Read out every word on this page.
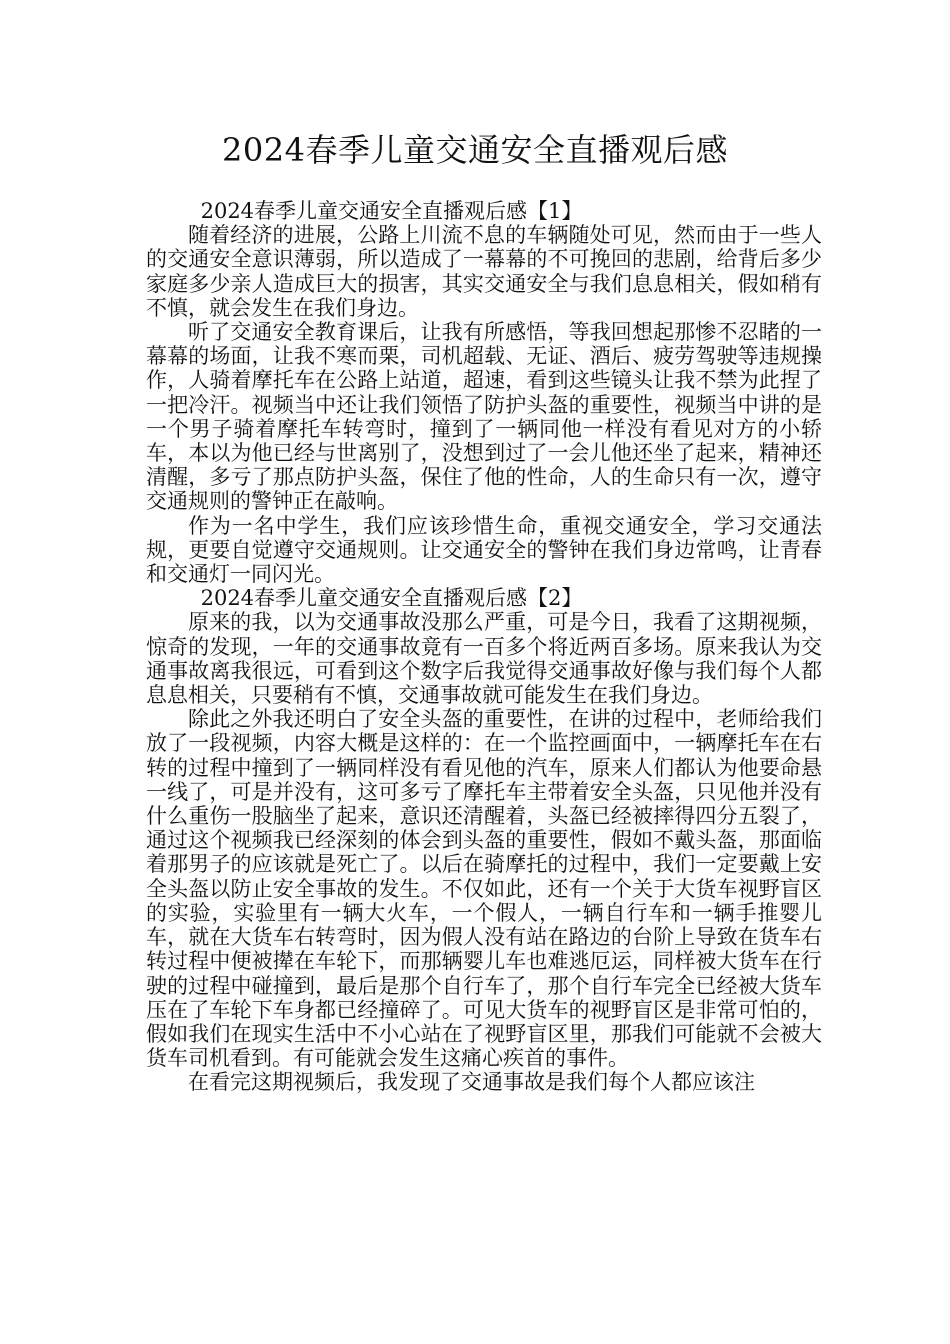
2024春季儿童交通安全直播观后感

2024春季儿童交通安全直播观后感【1】

随着经济的进展，公路上川流不息的车辆随处可见，然而由于一些人的交通安全意识薄弱，所以造成了一幕幕的不可挽回的悲剧，给背后多少家庭多少亲人造成巨大的损害，其实交通安全与我们息息相关，假如稍有不慎，就会发生在我们身边。

听了交通安全教育课后，让我有所感悟，等我回想起那惨不忍睹的一幕幕的场面，让我不寒而栗，司机超载、无证、酒后、疲劳驾驶等违规操作，人骑着摩托车在公路上站道，超速，看到这些镜头让我不禁为此捏了一把冷汗。视频当中还让我们领悟了防护头盔的重要性，视频当中讲的是一个男子骑着摩托车转弯时，撞到了一辆同他一样没有看见对方的小轿车，本以为他已经与世离别了，没想到过了一会儿他还坐了起来，精神还清醒，多亏了那点防护头盔，保住了他的性命，人的生命只有一次，遵守交通规则的警钟正在敲响。

作为一名中学生，我们应该珍惜生命，重视交通安全，学习交通法规，更要自觉遵守交通规则。让交通安全的警钟在我们身边常鸣，让青春和交通灯一同闪光。

2024春季儿童交通安全直播观后感【2】

原来的我，以为交通事故没那么严重，可是今日，我看了这期视频，惊奇的发现，一年的交通事故竟有一百多个将近两百多场。原来我认为交通事故离我很远，可看到这个数字后我觉得交通事故好像与我们每个人都息息相关，只要稍有不慎，交通事故就可能发生在我们身边。

除此之外我还明白了安全头盔的重要性，在讲的过程中，老师给我们放了一段视频，内容大概是这样的：在一个监控画面中，一辆摩托车在右转的过程中撞到了一辆同样没有看见他的汽车，原来人们都认为他要命悬一线了，可是并没有，这可多亏了摩托车主带着安全头盔，只见他并没有什么重伤一股脑坐了起来，意识还清醒着，头盔已经被摔得四分五裂了，通过这个视频我已经深刻的体会到头盔的重要性，假如不戴头盔，那面临着那男子的应该就是死亡了。以后在骑摩托的过程中，我们一定要戴上安全头盔以防止安全事故的发生。不仅如此，还有一个关于大货车视野盲区的实验，实验里有一辆大火车，一个假人，一辆自行车和一辆手推婴儿车，就在大货车右转弯时，因为假人没有站在路边的台阶上导致在货车右转过程中便被撵在车轮下，而那辆婴儿车也难逃厄运，同样被大货车在行驶的过程中碰撞到，最后是那个自行车了，那个自行车完全已经被大货车压在了车轮下车身都已经撞碎了。可见大货车的视野盲区是非常可怕的，假如我们在现实生活中不小心站在了视野盲区里，那我们可能就不会被大货车司机看到。有可能就会发生这痛心疾首的事件。

在看完这期视频后，我发现了交通事故是我们每个人都应该注
